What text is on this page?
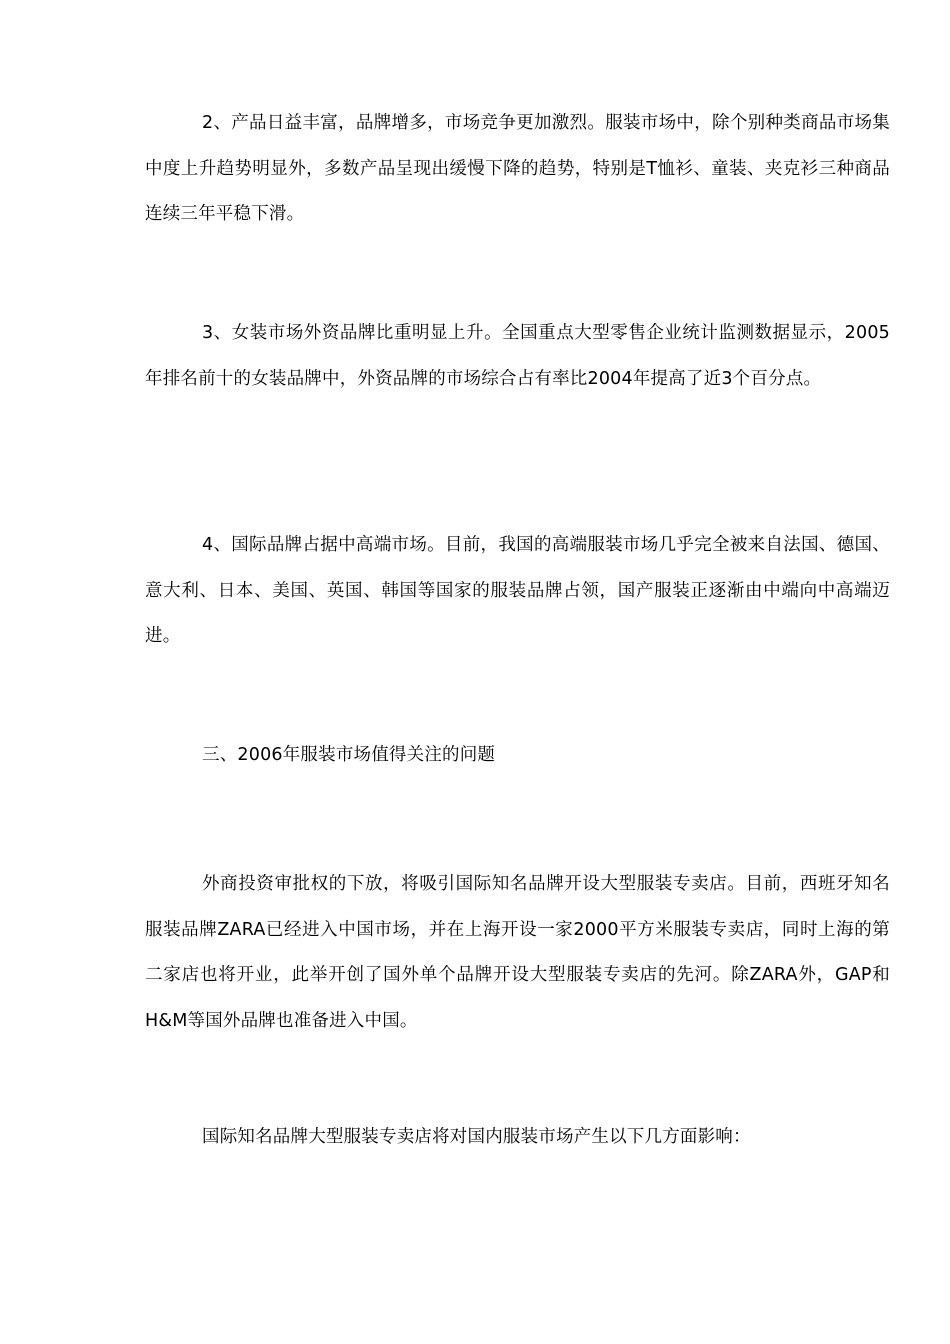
2、产品日益丰富，品牌增多，市场竞争更加激烈。服装市场中，除个别种类商品市场集中度上升趋势明显外，多数产品呈现出缓慢下降的趋势，特别是T恤衫、童装、夹克衫三种商品连续三年平稳下滑。

3、女装市场外资品牌比重明显上升。全国重点大型零售企业统计监测数据显示，2005年排名前十的女装品牌中，外资品牌的市场综合占有率比2004年提高了近3个百分点。

4、国际品牌占据中高端市场。目前，我国的高端服装市场几乎完全被来自法国、德国、意大利、日本、美国、英国、韩国等国家的服装品牌占领，国产服装正逐渐由中端向中高端迈进。

三、2006年服装市场值得关注的问题

外商投资审批权的下放，将吸引国际知名品牌开设大型服装专卖店。目前，西班牙知名服装品牌ZARA已经进入中国市场，并在上海开设一家2000平方米服装专卖店，同时上海的第二家店也将开业，此举开创了国外单个品牌开设大型服装专卖店的先河。除ZARA外，GAP和H&M等国外品牌也准备进入中国。

国际知名品牌大型服装专卖店将对国内服装市场产生以下几方面影响：
